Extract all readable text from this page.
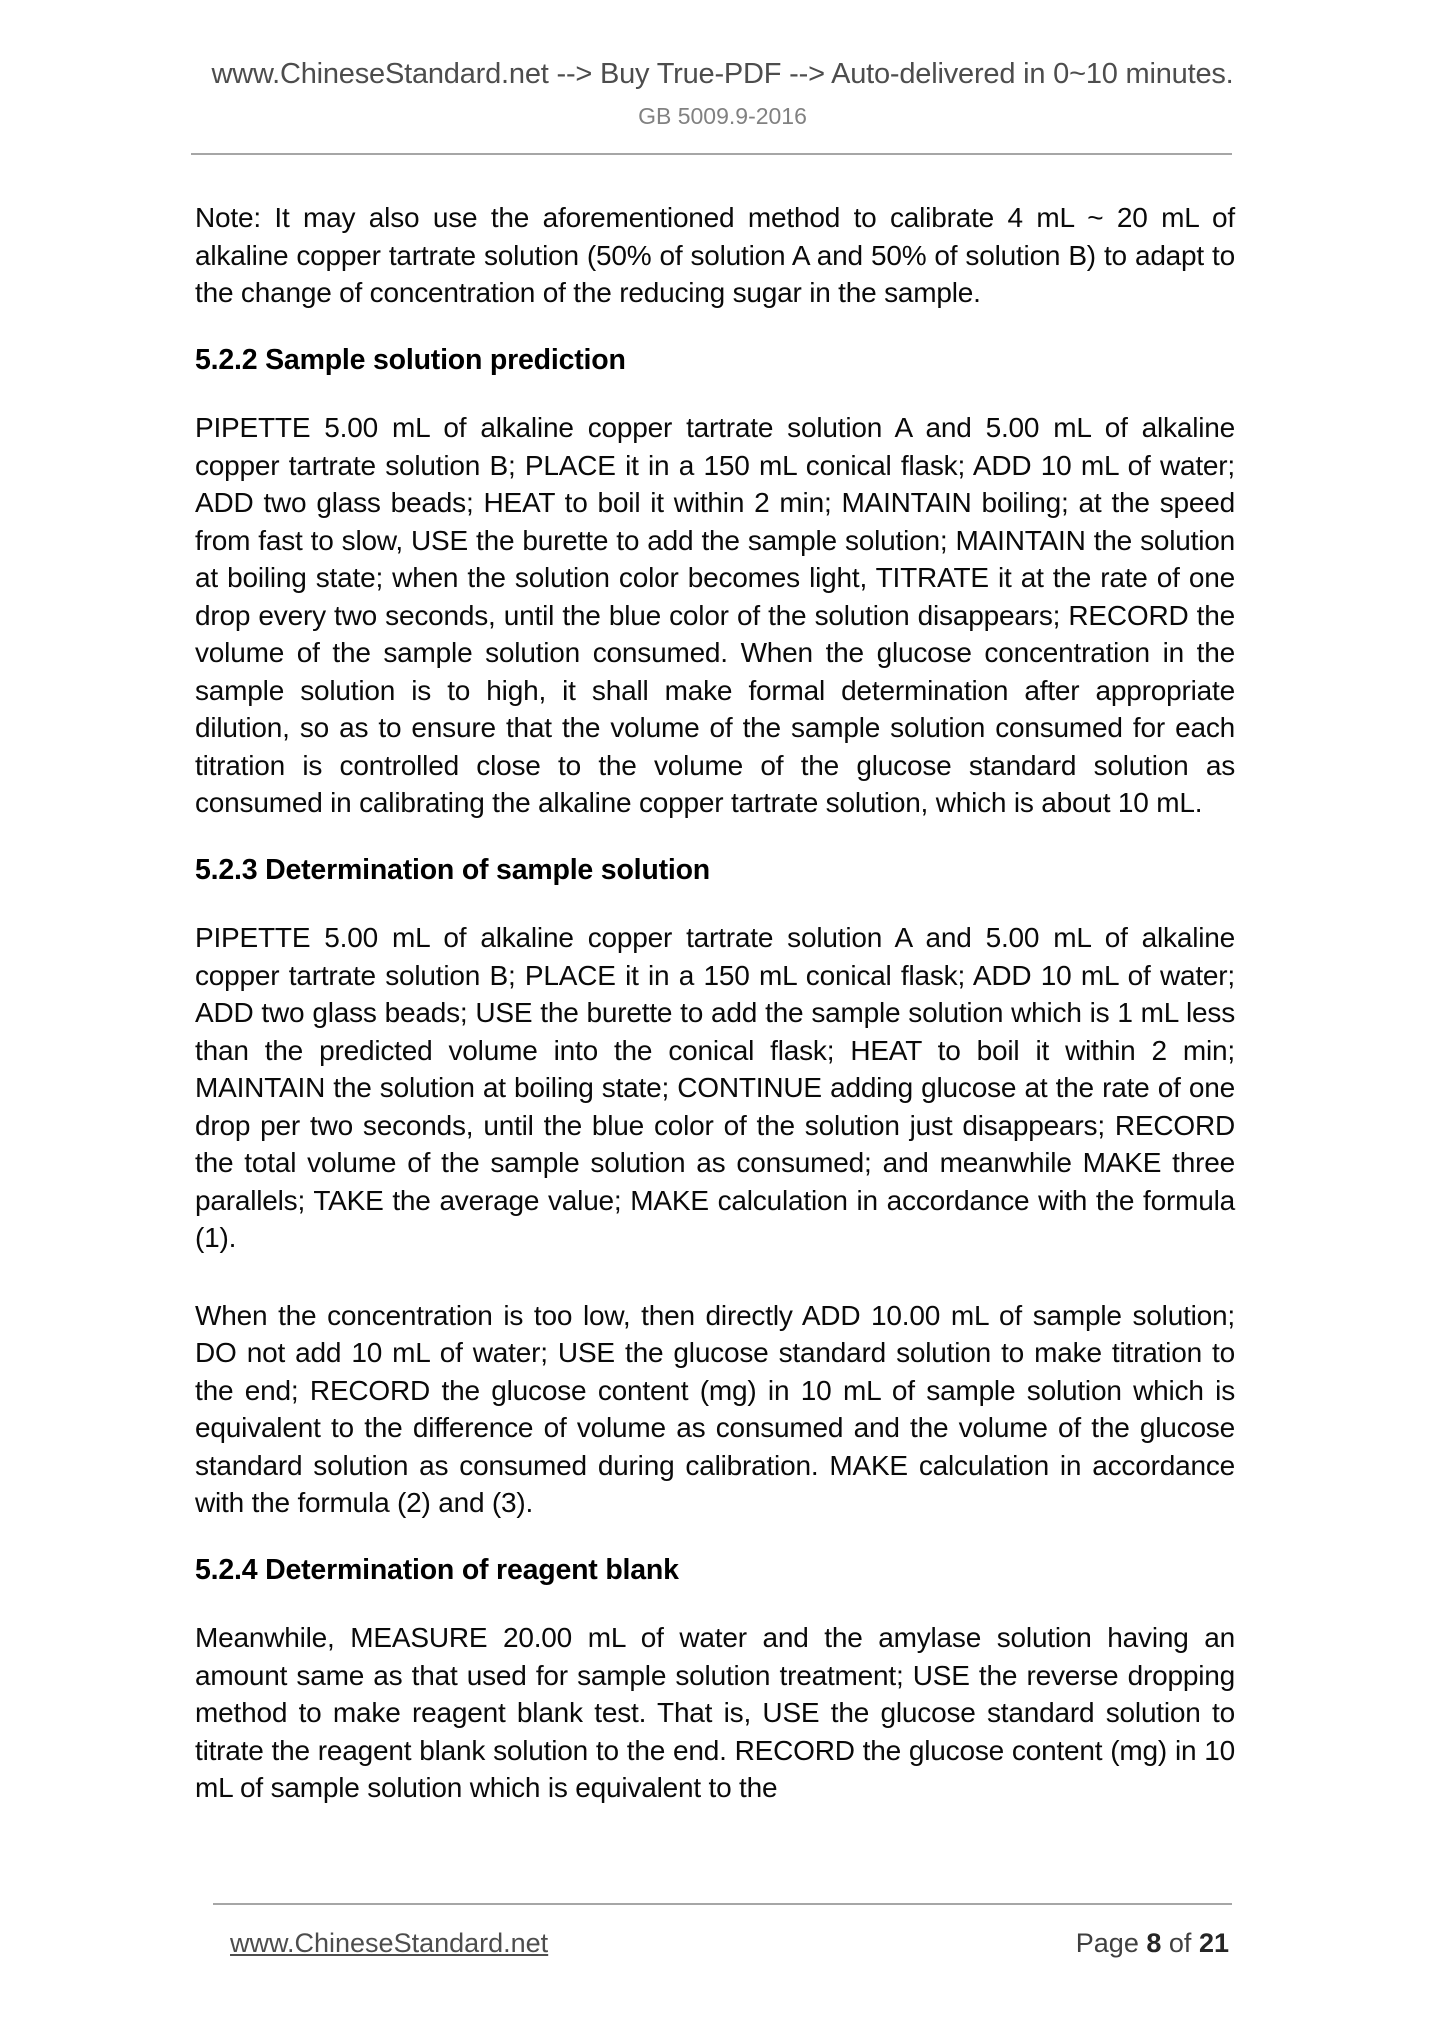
www.ChineseStandard.net --> Buy True-PDF --> Auto-delivered in 0~10 minutes.
GB 5009.9-2016

Note: It may also use the aforementioned method to calibrate 4 mL ~ 20 mL of alkaline copper tartrate solution (50% of solution A and 50% of solution B) to adapt to the change of concentration of the reducing sugar in the sample.

5.2.2 Sample solution prediction

PIPETTE 5.00 mL of alkaline copper tartrate solution A and 5.00 mL of alkaline copper tartrate solution B; PLACE it in a 150 mL conical flask; ADD 10 mL of water; ADD two glass beads; HEAT to boil it within 2 min; MAINTAIN boiling; at the speed from fast to slow, USE the burette to add the sample solution; MAINTAIN the solution at boiling state; when the solution color becomes light, TITRATE it at the rate of one drop every two seconds, until the blue color of the solution disappears; RECORD the volume of the sample solution consumed. When the glucose concentration in the sample solution is to high, it shall make formal determination after appropriate dilution, so as to ensure that the volume of the sample solution consumed for each titration is controlled close to the volume of the glucose standard solution as consumed in calibrating the alkaline copper tartrate solution, which is about 10 mL.

5.2.3 Determination of sample solution

PIPETTE 5.00 mL of alkaline copper tartrate solution A and 5.00 mL of alkaline copper tartrate solution B; PLACE it in a 150 mL conical flask; ADD 10 mL of water; ADD two glass beads; USE the burette to add the sample solution which is 1 mL less than the predicted volume into the conical flask; HEAT to boil it within 2 min; MAINTAIN the solution at boiling state; CONTINUE adding glucose at the rate of one drop per two seconds, until the blue color of the solution just disappears; RECORD the total volume of the sample solution as consumed; and meanwhile MAKE three parallels; TAKE the average value; MAKE calculation in accordance with the formula (1).

When the concentration is too low, then directly ADD 10.00 mL of sample solution; DO not add 10 mL of water; USE the glucose standard solution to make titration to the end; RECORD the glucose content (mg) in 10 mL of sample solution which is equivalent to the difference of volume as consumed and the volume of the glucose standard solution as consumed during calibration. MAKE calculation in accordance with the formula (2) and (3).

5.2.4 Determination of reagent blank

Meanwhile, MEASURE 20.00 mL of water and the amylase solution having an amount same as that used for sample solution treatment; USE the reverse dropping method to make reagent blank test. That is, USE the glucose standard solution to titrate the reagent blank solution to the end. RECORD the glucose content (mg) in 10 mL of sample solution which is equivalent to the

www.ChineseStandard.net	Page 8 of 21
